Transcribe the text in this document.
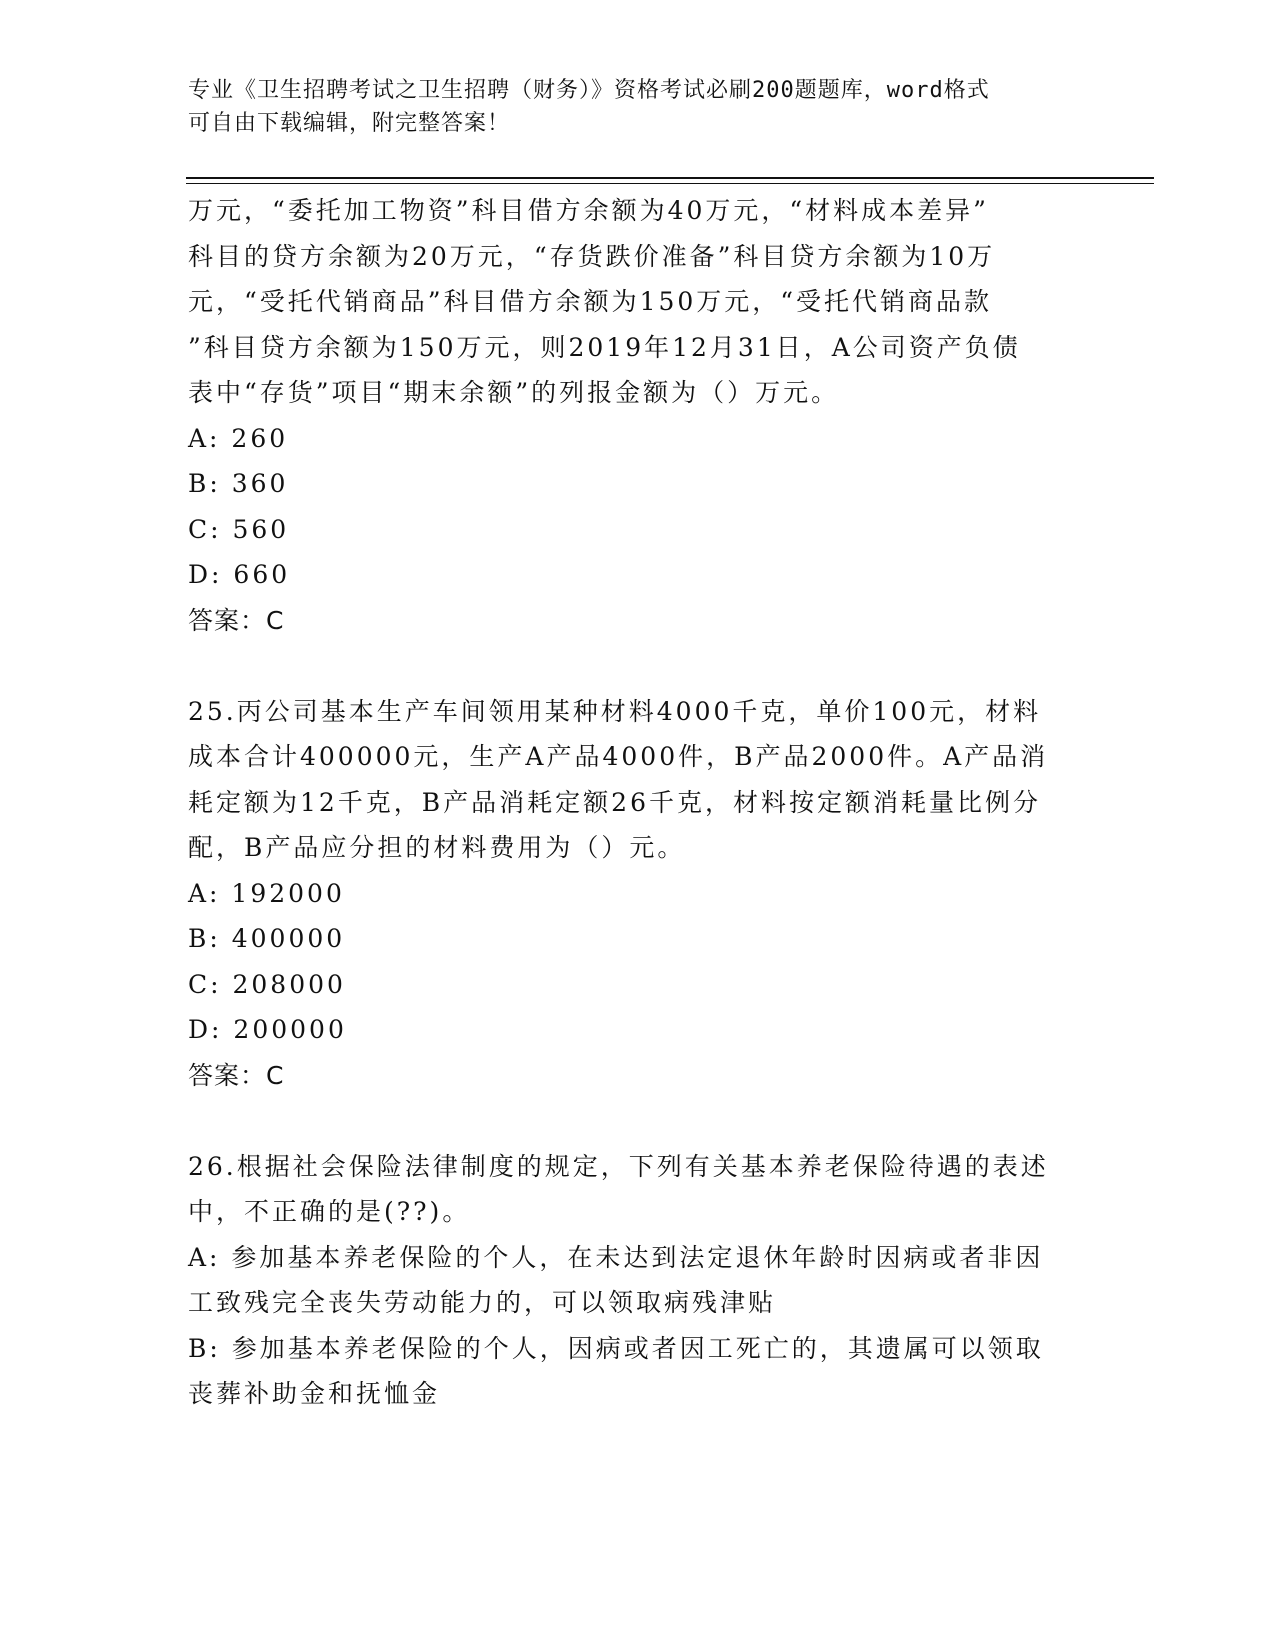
专业《卫生招聘考试之卫生招聘（财务）》资格考试必刷200题题库，word格式
可自由下载编辑，附完整答案！

万元，“委托加工物资”科目借方余额为40万元，“材料成本差异”

科目的贷方余额为20万元，“存货跌价准备”科目贷方余额为10万

元，“受托代销商品”科目借方余额为150万元，“受托代销商品款

”科目贷方余额为150万元，则2019年12月31日，A公司资产负债

表中“存货”项目“期末余额”的列报金额为（）万元。

A: 260

B: 360

C: 560

D: 660

答案：C

25.丙公司基本生产车间领用某种材料4000千克，单价100元，材料

成本合计400000元，生产A产品4000件，B产品2000件。A产品消

耗定额为12千克，B产品消耗定额26千克，材料按定额消耗量比例分

配，B产品应分担的材料费用为（）元。

A: 192000

B: 400000

C: 208000

D: 200000

答案：C

26.根据社会保险法律制度的规定，下列有关基本养老保险待遇的表述

中，不正确的是(??)。

A: 参加基本养老保险的个人，在未达到法定退休年龄时因病或者非因

工致残完全丧失劳动能力的，可以领取病残津贴

B: 参加基本养老保险的个人，因病或者因工死亡的，其遗属可以领取

丧葬补助金和抚恤金
